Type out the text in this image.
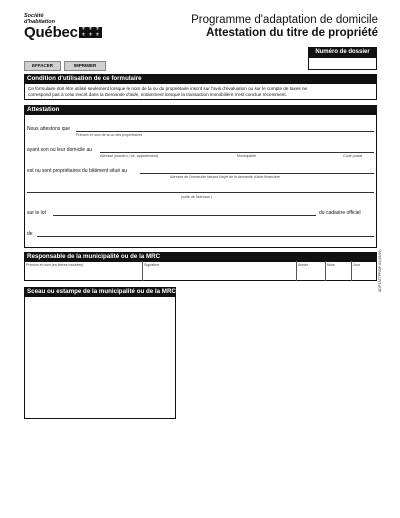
Société
d'habitation
Québec ⚜ ⚜ ⚜
⚜ ⚜ ⚜
Programme d'adaptation de domicile
Attestation du titre de propriété
Numéro de dossier
EFFACER	IMPRIMER
Condition d'utilisation de ce formulaire
Ce formulaire doit être utilisé seulement lorsque le nom de la ou du propriétaire inscrit sur l'avis d'évaluation ou sur le compte de taxes ne
correspond pas à celui inscrit dans la Demande d'aide, notamment lorsque la transaction immobilière n'est conclue récemment.
Attestation
Nous attestons que
Prénom et nom de la ou des propriétaires
ayant son ou leur domicile au
Adresse (numéro, rue, appartement)	Municipalité	Code postal
est ou sont propriétaires du bâtiment situé au
Adresse de l'immeuble faisant l'objet de la demande d'aide financière
(suite de l'adresse )
sur le lot	du cadastre officiel
de
Responsable de la municipalité ou de la MRC
Prénom et nom (en lettres moulées)	Signature	Année	Mois	Jour	ADPTATTPROP-02(19/06)
Sceau ou estampe de la municipalité ou de la MRC
